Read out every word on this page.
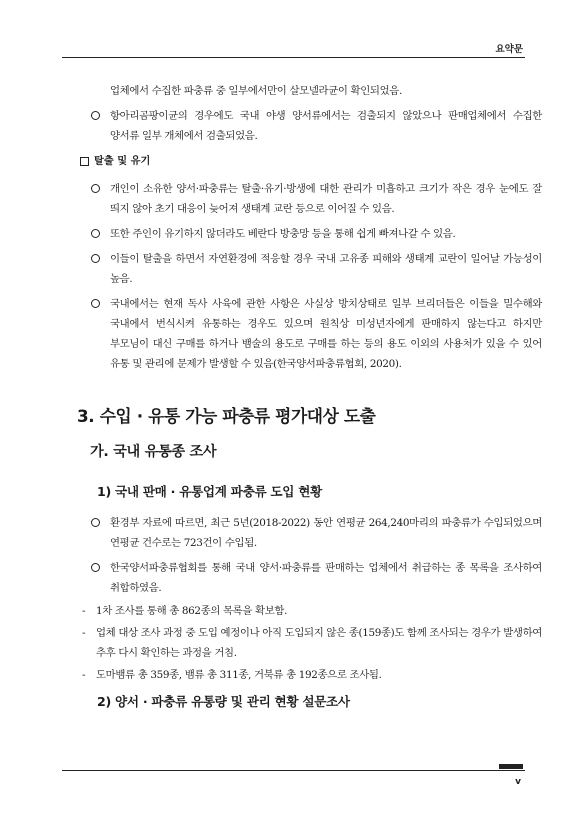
요약문
업체에서 수집한 파충류 중 일부에서만이 살모넬라균이 확인되었음.
항아리곰팡이균의 경우에도 국내 야생 양서류에서는 검출되지 않았으나 판매업체에서 수집한 양서류 일부 개체에서 검출되었음.
탈출 및 유기
개인이 소유한 양서·파충류는 탈출·유기·방생에 대한 관리가 미흡하고 크기가 작은 경우 눈에도 잘 띄지 않아 초기 대응이 늦어져 생태계 교란 등으로 이어질 수 있음.
또한 주인이 유기하지 않더라도 베란다 방충망 등을 통해 쉽게 빠져나갈 수 있음.
이들이 탈출을 하면서 자연환경에 적응할 경우 국내 고유종 피해와 생태계 교란이 일어날 가능성이 높음.
국내에서는 현재 독사 사육에 관한 사항은 사실상 방치상태로 일부 브리더들은 이들을 밀수해와 국내에서 번식시켜 유통하는 경우도 있으며 원칙상 미성년자에게 판매하지 않는다고 하지만 부모님이 대신 구매를 하거나 뱀술의 용도로 구매를 하는 등의 용도 이외의 사용처가 있을 수 있어 유통 및 관리에 문제가 발생할 수 있음(한국양서파충류협회, 2020).
3. 수입 · 유통 가능 파충류 평가대상 도출
가. 국내 유통종 조사
1) 국내 판매 · 유통업계 파충류 도입 현황
환경부 자료에 따르면, 최근 5년(2018-2022) 동안 연평균 264,240마리의 파충류가 수입되었으며 연평균 건수로는 723건이 수입됨.
한국양서파충류협회를 통해 국내 양서·파충류를 판매하는 업체에서 취급하는 종 목록을 조사하여 취합하였음.
- 1차 조사를 통해 총 862종의 목록을 확보함.
- 업체 대상 조사 과정 중 도입 예정이나 아직 도입되지 않은 종(159종)도 함께 조사되는 경우가 발생하여 추후 다시 확인하는 과정을 거침.
- 도마뱀류 총 359종, 뱀류 총 311종, 거북류 총 192종으로 조사됨.
2) 양서 · 파충류 유통량 및 관리 현황 설문조사
v
